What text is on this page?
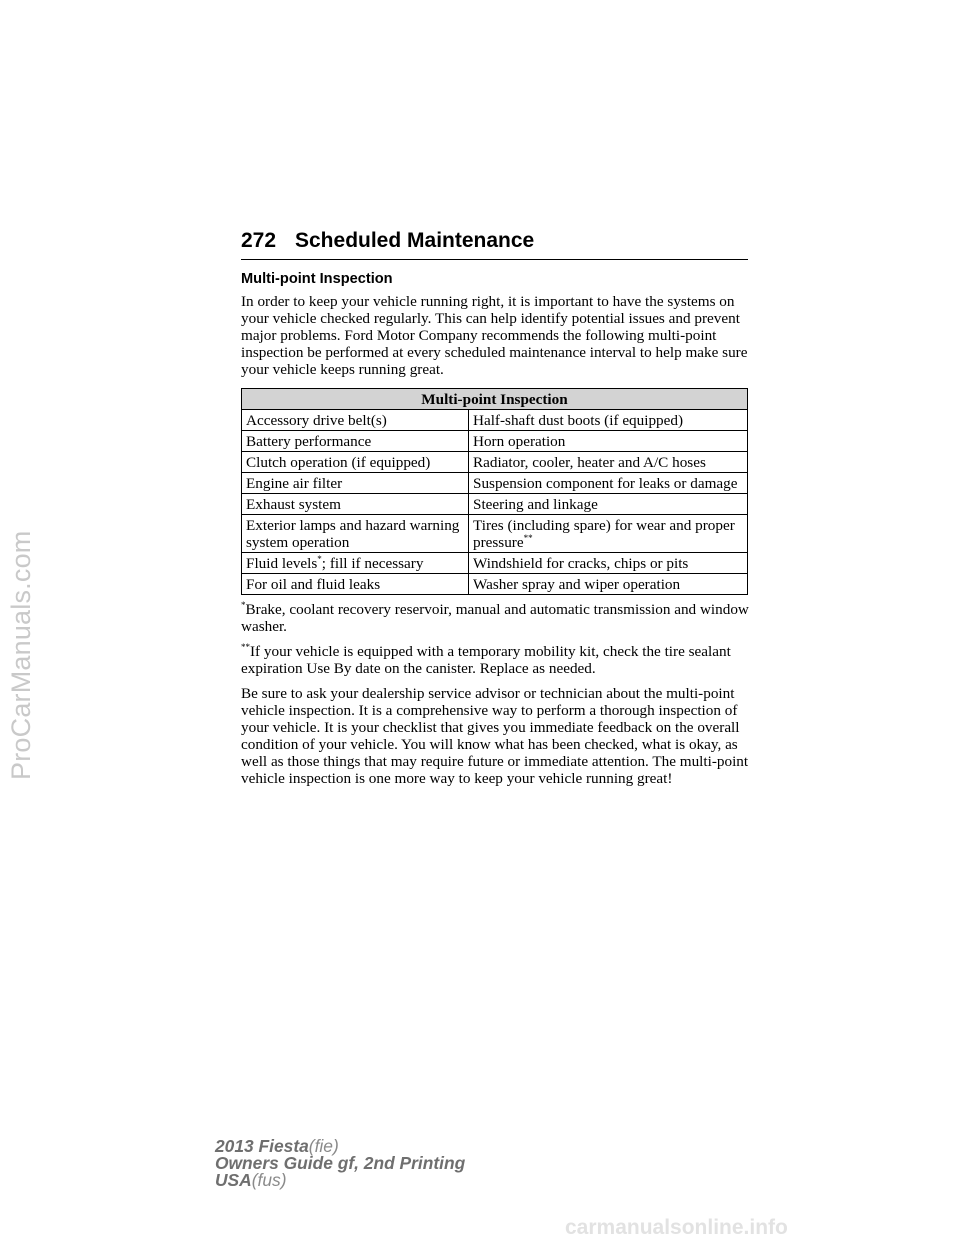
ProCarManuals.com
272 Scheduled Maintenance
Multi-point Inspection

In order to keep your vehicle running right, it is important to have the systems on your vehicle checked regularly. This can help identify potential issues and prevent major problems. Ford Motor Company recommends the following multi-point inspection be performed at every scheduled maintenance interval to help make sure your vehicle keeps running great.

Multi-point Inspection	
Accessory drive belt(s)	Half-shaft dust boots (if equipped)
Battery performance	Horn operation
Clutch operation (if equipped)	Radiator, cooler, heater and A/C hoses
Engine air filter	Suspension component for leaks or damage
Exhaust system	Steering and linkage
Exterior lamps and hazard warning system operation	Tires (including spare) for wear and proper pressure**
Fluid levels*; fill if necessary	Windshield for cracks, chips or pits
For oil and fluid leaks	Washer spray and wiper operation

*Brake, coolant recovery reservoir, manual and automatic transmission and window washer.

**If your vehicle is equipped with a temporary mobility kit, check the tire sealant expiration Use By date on the canister. Replace as needed.

Be sure to ask your dealership service advisor or technician about the multi-point vehicle inspection. It is a comprehensive way to perform a thorough inspection of your vehicle. It is your checklist that gives you immediate feedback on the overall condition of your vehicle. You will know what has been checked, what is okay, as well as those things that may require future or immediate attention. The multi-point vehicle inspection is one more way to keep your vehicle running great!

2013 Fiesta(fie)
Owners Guide gf, 2nd Printing
USA(fus)
carmanualsonline.info
